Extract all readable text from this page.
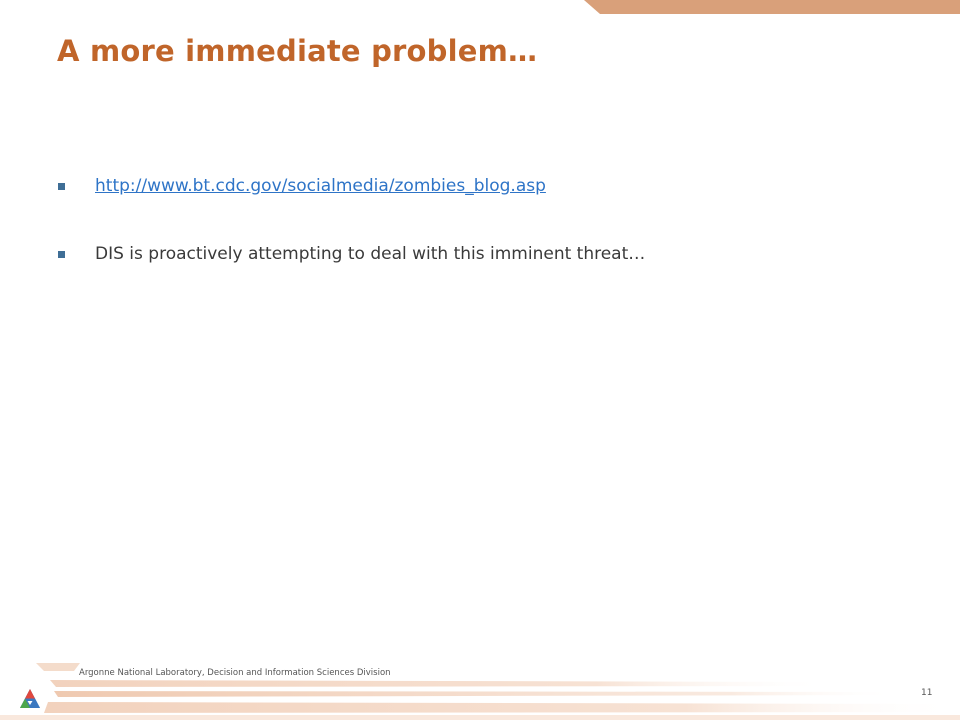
A more immediate problem…
http://www.bt.cdc.gov/socialmedia/zombies_blog.asp
DIS is proactively attempting to deal with this imminent threat…
Argonne National Laboratory, Decision and Information Sciences Division
11
